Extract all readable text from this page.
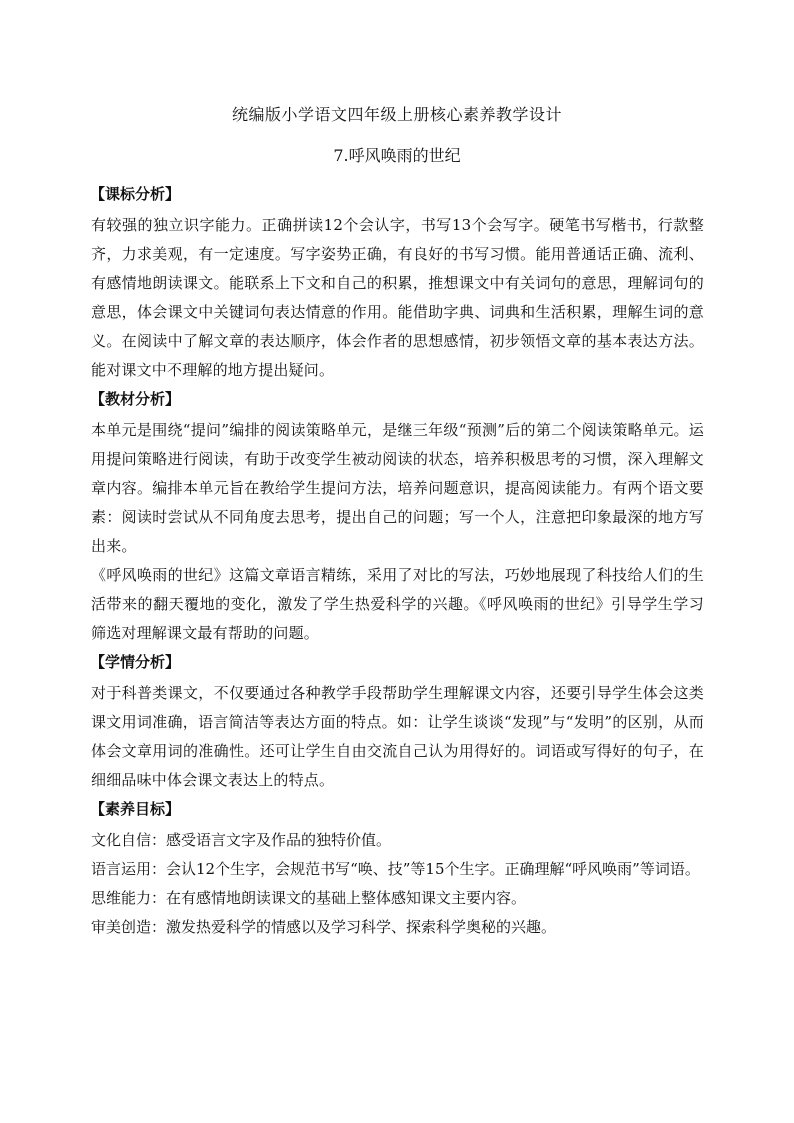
统编版小学语文四年级上册核心素养教学设计
7.呼风唤雨的世纪
【课标分析】

有较强的独立识字能力。正确拼读12个会认字，书写13个会写字。硬笔书写楷书，行款整齐，力求美观，有一定速度。写字姿势正确，有良好的书写习惯。能用普通话正确、流利、有感情地朗读课文。能联系上下文和自己的积累，推想课文中有关词句的意思，理解词句的意思，体会课文中关键词句表达情意的作用。能借助字典、词典和生活积累，理解生词的意义。在阅读中了解文章的表达顺序，体会作者的思想感情，初步领悟文章的基本表达方法。能对课文中不理解的地方提出疑问。

【教材分析】

本单元是围绕“提问”编排的阅读策略单元，是继三年级“预测”后的第二个阅读策略单元。运用提问策略进行阅读，有助于改变学生被动阅读的状态，培养积极思考的习惯，深入理解文章内容。编排本单元旨在教给学生提问方法，培养问题意识，提高阅读能力。有两个语文要素：阅读时尝试从不同角度去思考，提出自己的问题；写一个人，注意把印象最深的地方写出来。

《呼风唤雨的世纪》这篇文章语言精练，采用了对比的写法，巧妙地展现了科技给人们的生活带来的翻天覆地的变化，激发了学生热爱科学的兴趣。《呼风唤雨的世纪》引导学生学习筛选对理解课文最有帮助的问题。

【学情分析】

对于科普类课文，不仅要通过各种教学手段帮助学生理解课文内容，还要引导学生体会这类课文用词准确，语言简洁等表达方面的特点。如：让学生谈谈“发现”与“发明”的区别，从而体会文章用词的准确性。还可让学生自由交流自己认为用得好的。词语或写得好的句子，在细细品味中体会课文表达上的特点。

【素养目标】

文化自信：感受语言文字及作品的独特价值。

语言运用：会认12个生字，会规范书写“唤、技”等15个生字。正确理解“呼风唤雨”等词语。

思维能力：在有感情地朗读课文的基础上整体感知课文主要内容。

审美创造：激发热爱科学的情感以及学习科学、探索科学奥秘的兴趣。
